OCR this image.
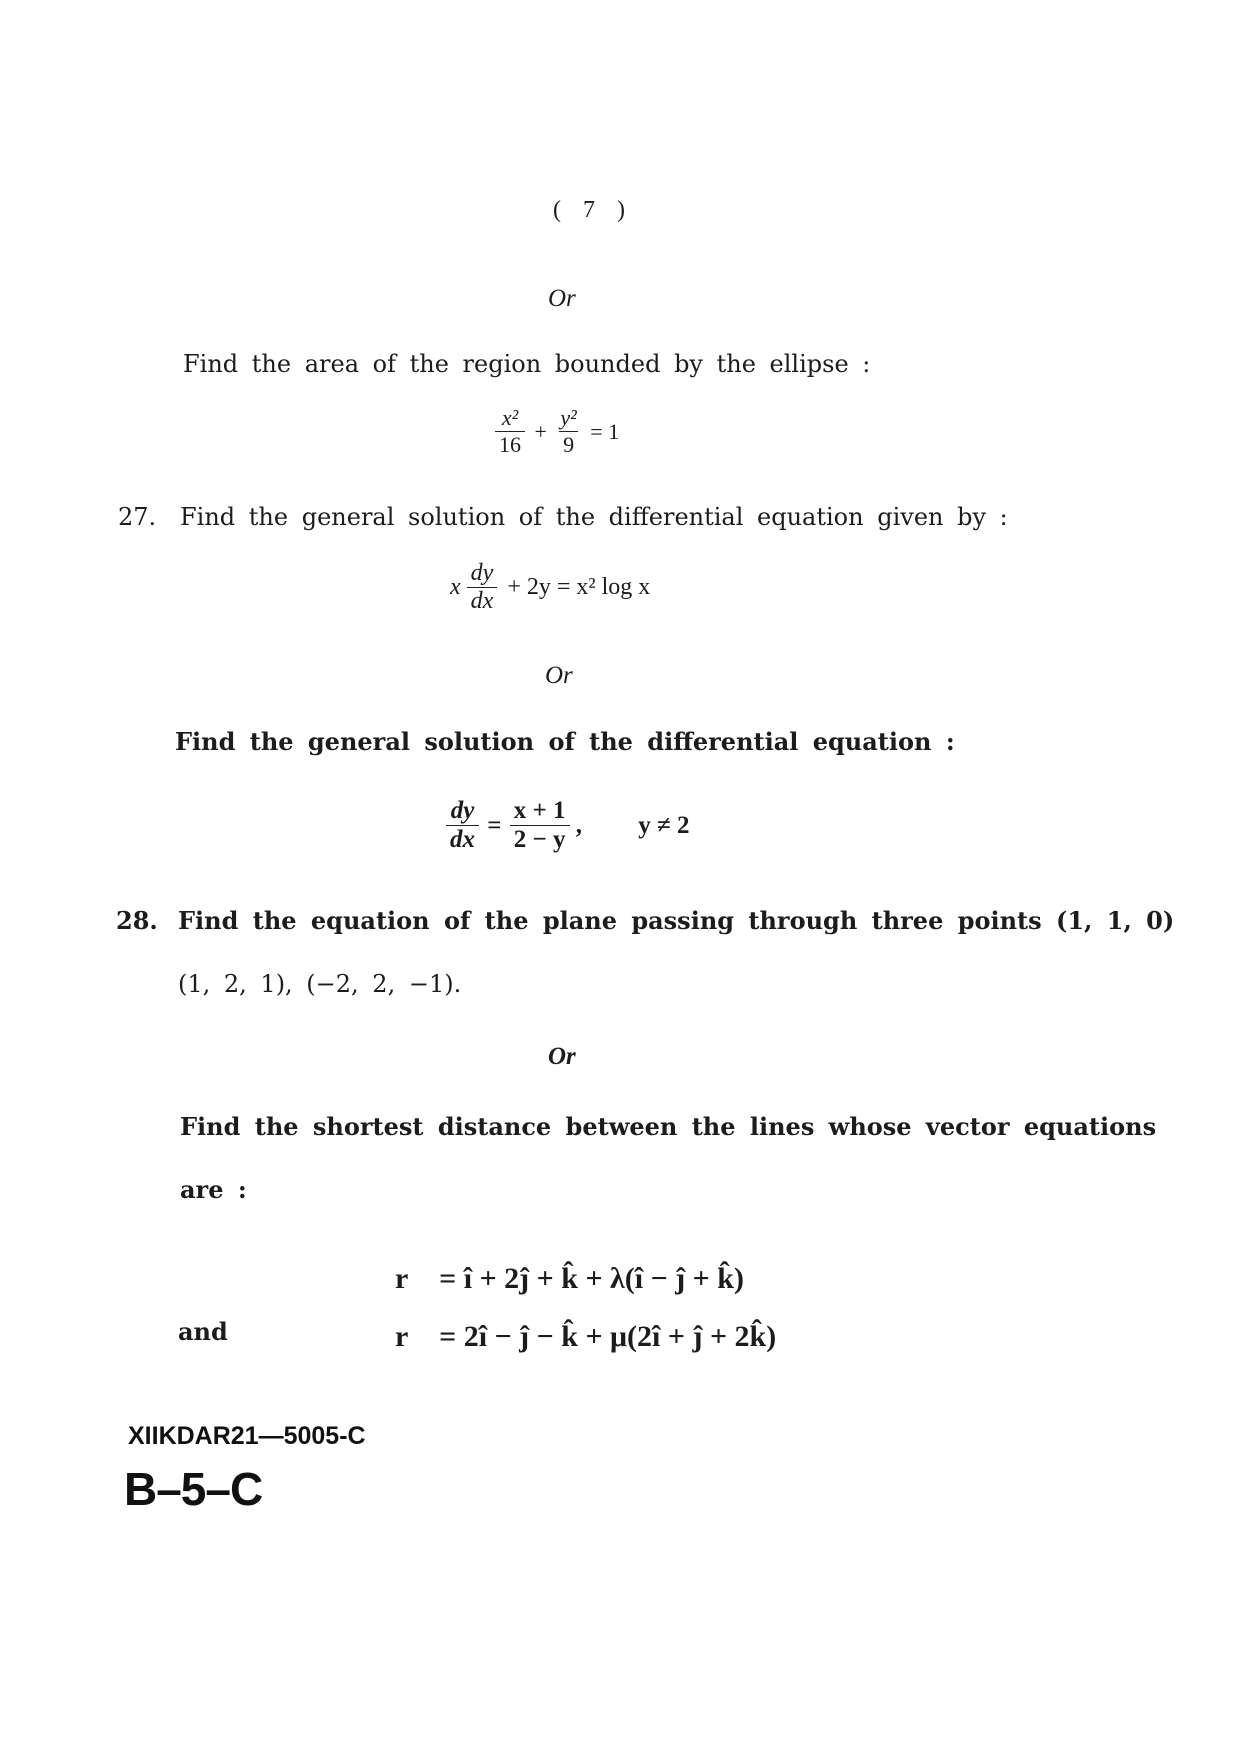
( 7 )
Or
Find the area of the region bounded by the ellipse :
$\frac{\text{x²}}{16} + \frac{\text{y²}}{9} = 1$
27. Find the general solution of the differential equation given by :
x $\frac{dy}{dx} + 2y = x^2$ log x
Or
Find the general solution of the differential equation :
$\frac{dy}{dx} = \frac{x + 1}{2 - y}$ , y ≠ 2
28. Find the equation of the plane passing through three points (1, 1, 0)
(1, 2, 1), (−2, 2, −1).
Or
Find the shortest distance between the lines whose vector equations
are :
r⃗ = î + 2ĵ + k̂ + λ(î − ĵ + k̂)
and	r⃗ = 2î − ĵ − k̂ + μ(2î + ĵ + 2k̂)
XIIKDAR21—5005-C
B–5–C
